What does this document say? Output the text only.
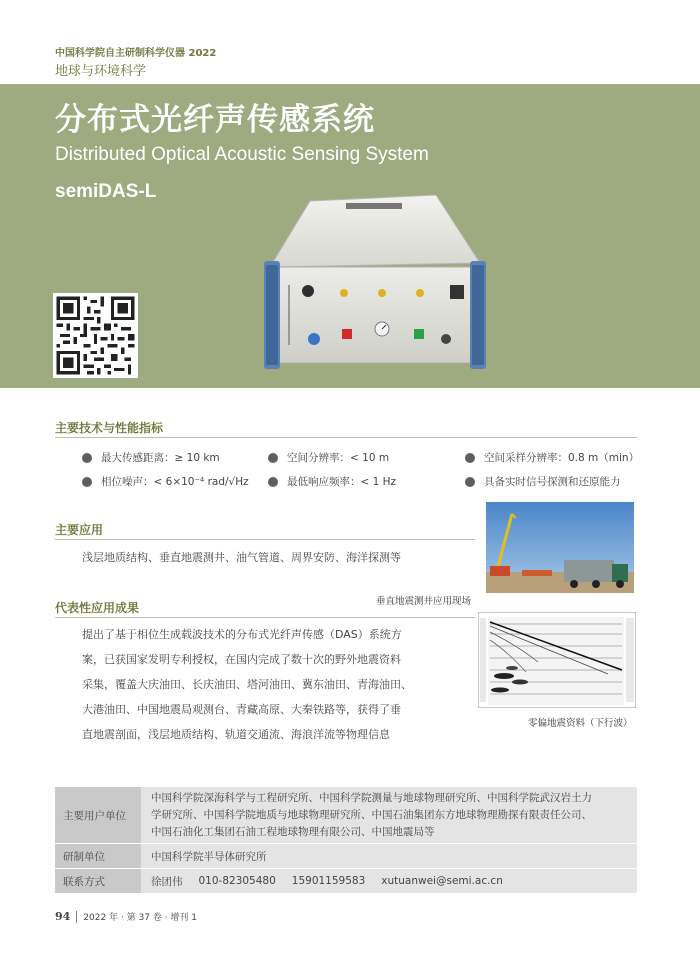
中国科学院自主研制科学仪器 2022
地球与环境科学
分布式光纤声传感系统
Distributed Optical Acoustic Sensing System
semiDAS-L
主要技术与性能指标
最大传感距离：≥ 10 km	空间分辨率：< 10 m	空间采样分辨率：0.8 m（min）
相位噪声：< 6×10⁻⁴ rad/√Hz	最低响应频率：< 1 Hz	具备实时信号探测和还原能力
主要应用
浅层地质结构、垂直地震测井、油气管道、周界安防、海洋探测等
垂直地震测井应用现场
代表性应用成果
提出了基于相位生成载波技术的分布式光纤声传感（DAS）系统方
案，已获国家发明专利授权，在国内完成了数十次的野外地震资料
采集，覆盖大庆油田、长庆油田、塔河油田、冀东油田、青海油田、
大港油田、中国地震局观测台、青藏高原、大秦铁路等，获得了垂
直地震剖面，浅层地质结构、轨道交通流、海浪洋流等物理信息
零偏地震资料（下行波）
主要用户单位
中国科学院深海科学与工程研究所、中国科学院测量与地球物理研究所、中国科学院武汉岩土力
学研究所、中国科学院地质与地球物理研究所、中国石油集团东方地球物理勘探有限责任公司、
中国石油化工集团石油工程地球物理有限公司、中国地震局等
研制单位	中国科学院半导体研究所
联系方式	徐团伟 010-82305480 15901159583 xutuanwei@semi.ac.cn
94 2022 年 · 第 37 卷 · 增刊 1
